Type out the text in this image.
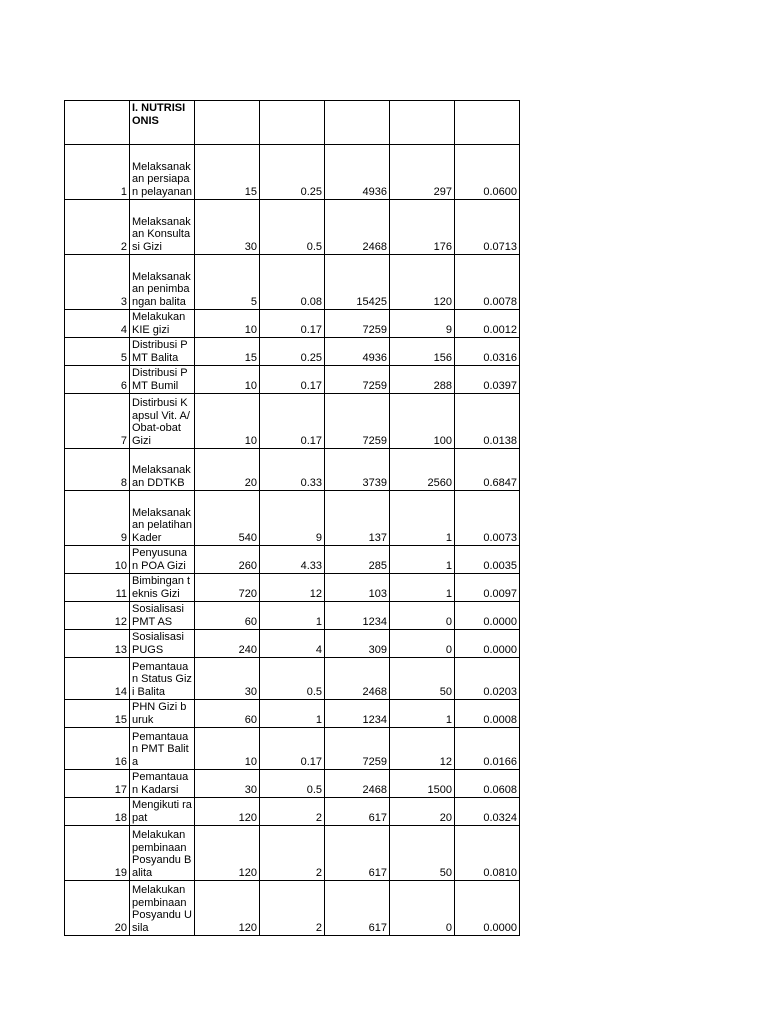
	I. NUTRISIONIS					
1	Melaksanakan persiapan pelayanan	15	0.25	4936	297	0.0600
2	Melaksanakan Konsultasi Gizi	30	0.5	2468	176	0.0713
3	Melaksanakan penimbangan balita	5	0.08	15425	120	0.0078
4	Melakukan KIE gizi	10	0.17	7259	9	0.0012
5	Distribusi PMT Balita	15	0.25	4936	156	0.0316
6	Distribusi PMT Bumil	10	0.17	7259	288	0.0397
7	Distirbusi Kapsul Vit. A/Obat-obat Gizi	10	0.17	7259	100	0.0138
8	Melaksanakan DDTKB	20	0.33	3739	2560	0.6847
9	Melaksanakan pelatihan Kader	540	9	137	1	0.0073
10	Penyusunan POA Gizi	260	4.33	285	1	0.0035
11	Bimbingan teknis Gizi	720	12	103	1	0.0097
12	Sosialisasi PMT AS	60	1	1234	0	0.0000
13	Sosialisasi PUGS	240	4	309	0	0.0000
14	Pemantauan Status Gizi Balita	30	0.5	2468	50	0.0203
15	PHN Gizi buruk	60	1	1234	1	0.0008
16	Pemantauan PMT Balita	10	0.17	7259	12	0.0166
17	Pemantauan Kadarsi	30	0.5	2468	1500	0.0608
18	Mengikuti rapat	120	2	617	20	0.0324
19	Melakukan pembinaan Posyandu Balita	120	2	617	50	0.0810
20	Melakukan pembinaan Posyandu Usila	120	2	617	0	0.0000
